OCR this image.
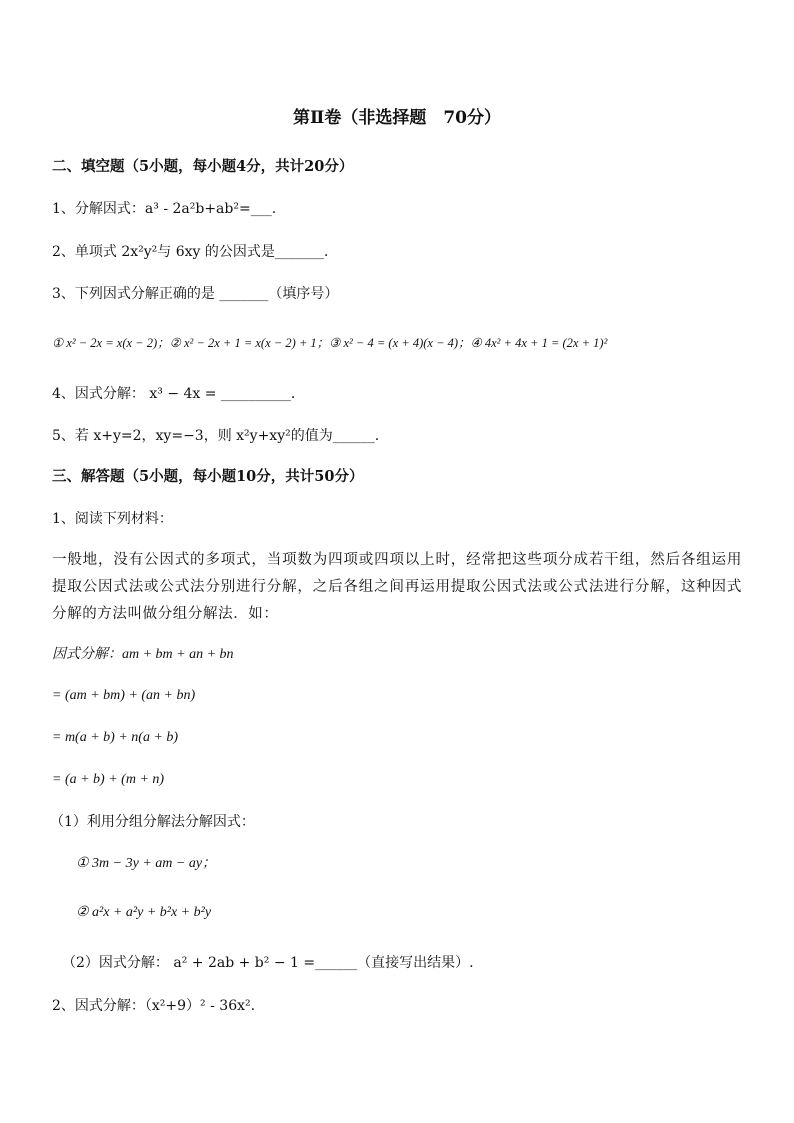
第Ⅱ卷（非选择题　70分）
二、填空题（5小题，每小题4分，共计20分）
1、分解因式：a³ - 2a²b+ab²=___.
2、单项式 2x²y²与 6xy 的公因式是_______.
3、下列因式分解正确的是 _______（填序号）
① x² − 2x = x(x − 2)；② x² − 2x + 1 = x(x − 2) + 1；③ x² − 4 = (x + 4)(x − 4)；④ 4x² + 4x + 1 = (2x + 1)²
4、因式分解： x³ − 4x = __________.
5、若 x+y=2，xy=−3，则 x²y+xy²的值为______.
三、解答题（5小题，每小题10分，共计50分）
1、阅读下列材料：
一般地，没有公因式的多项式，当项数为四项或四项以上时，经常把这些项分成若干组，然后各组运用提取公因式法或公式法分别进行分解，之后各组之间再运用提取公因式法或公式法进行分解，这种因式分解的方法叫做分组分解法．如：
因式分解：am + bm + an + bn
= (am + bm) + (an + bn)
= m(a + b) + n(a + b)
= (a + b) + (m + n)
（1）利用分组分解法分解因式：
① 3m − 3y + am − ay；
② a²x + a²y + b²x + b²y
（2）因式分解： a² + 2ab + b² − 1 =______（直接写出结果）.
2、因式分解：（x²+9）² - 36x².
